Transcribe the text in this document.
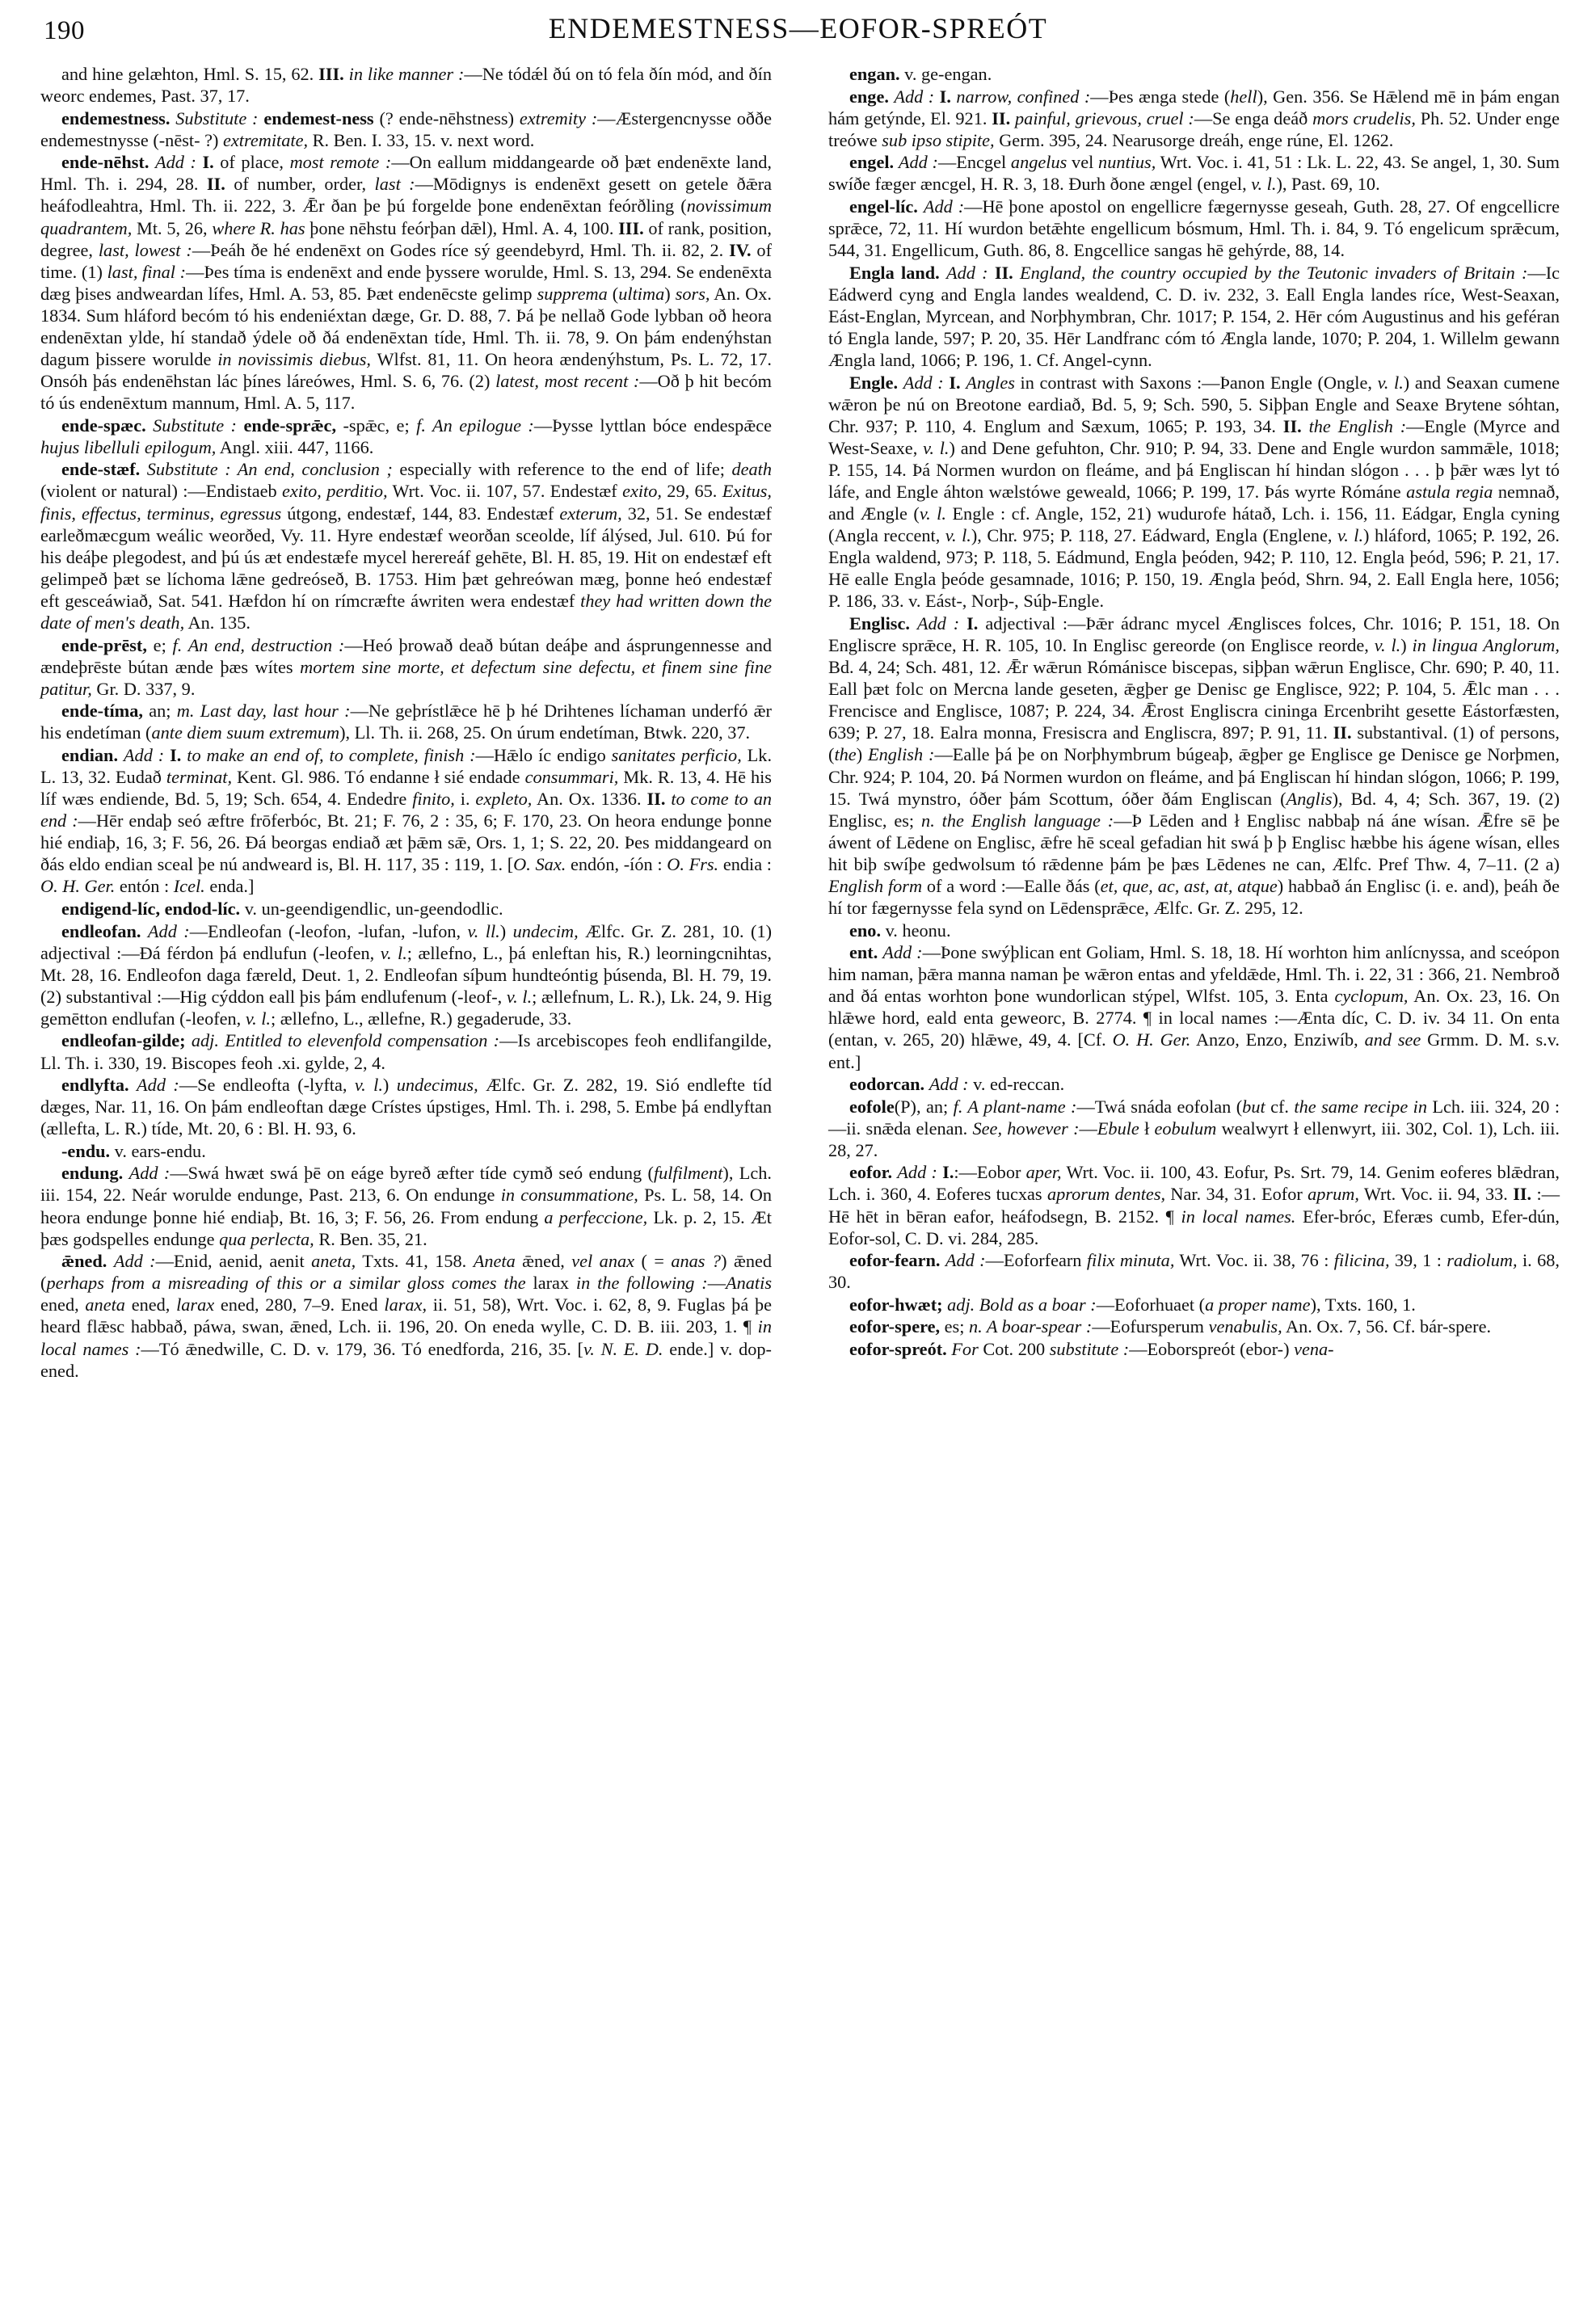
190	ENDEMESTNESS—EOFOR-SPREÓT

and hine gelæhton, Hml. S. 15, 62. III. in like manner :—Ne tódǽl ðú on tó fela ðín mód, and ðín weorc endemes, Past. 37, 17.

endemestness. Substitute : endemest-ness (? ende-nēhstness) extremity :—Æstergencnysse oððe endemestnysse (-nēst- ?) extremitate, R. Ben. I. 33, 15. v. next word.

ende-nēhst. Add : I. of place, most remote :—On eallum middangearde oð þæt endenēxte land, Hml. Th. i. 294, 28. II. of number, order, last :—Mōdignys is endenēxt gesett on getele ðǣra heáfodleahtra, Hml. Th. ii. 222, 3. Ǣr ðan þe þú forgelde þone endenēxtan feórðling (novissimum quadrantem, Mt. 5, 26, where R. has þone nēhstu feórþan dǣl), Hml. A. 4, 100. III. of rank, position, degree, last, lowest :—Þeáh ðe hé endenēxt on Godes ríce sý geendebyrd, Hml. Th. ii. 82, 2. IV. of time. (1) last, final :—Þes tíma is endenēxt and ende þyssere worulde, Hml. S. 13, 294. Se endenēxta dæg þises andweardan lífes, Hml. A. 53, 85. Þæt endenēcste gelimp supprema (ultima) sors, An. Ox. 1834. Sum hláford becóm tó his endeniéxtan dæge, Gr. D. 88, 7. Þá þe nellað Gode lybban oð heora endenēxtan ylde, hí standað ýdele oð ðá endenēxtan tíde, Hml. Th. ii. 78, 9. On þám endenýhstan dagum þissere worulde in novissimis diebus, Wlfst. 81, 11. On heora ændenýhstum, Ps. L. 72, 17. Onsóh þás endenēhstan lác þínes láreówes, Hml. S. 6, 76. (2) latest, most recent :—Oð þ hit becóm tó ús endenēxtum mannum, Hml. A. 5, 117.

ende-spæc. Substitute : ende-sprǣc, -spǣc, e; f. An epilogue :—Þysse lyttlan bóce endespǣce hujus libelluli epilogum, Angl. xiii. 447, 1166.

ende-stæf. Substitute : An end, conclusion ; especially with reference to the end of life; death (violent or natural) :—Endistaeb exito, perditio, Wrt. Voc. ii. 107, 57. Endestæf exito, 29, 65. Exitus, finis, effectus, terminus, egressus útgong, endestæf, 144, 83. Endestæf exterum, 32, 51. Se endestæf earleðmæcgum weálic weorðed, Vy. 11. Hyre endestæf weorðan sceolde, líf álýsed, Jul. 610. Þú for his deáþe plegodest, and þú ús æt endestæfe mycel herereáf gehēte, Bl. H. 85, 19. Hit on endestæf eft gelimpeð þæt se líchoma lǣne gedreóseð, B. 1753. Him þæt gehreówan mæg, þonne heó endestæf eft gesceáwiað, Sat. 541. Hæfdon hí on rímcræfte áwriten wera endestæf they had written down the date of men's death, An. 135.

ende-prēst, e; f. An end, destruction :—Heó þrowað deað bútan deáþe and ásprungennesse and ændeþrēste bútan ænde þæs wítes mortem sine morte, et defectum sine defectu, et finem sine fine patitur, Gr. D. 337, 9.

ende-tíma, an; m. Last day, last hour :—Ne geþrístlǣce hē þ hé Drihtenes líchaman underfó ǣr his endetíman (ante diem suum extremum), Ll. Th. ii. 268, 25. On úrum endetíman, Btwk. 220, 37.

endian. Add : I. to make an end of, to complete, finish :—Hǣlo íc endigo sanitates perficio, Lk. L. 13, 32. Eudað terminat, Kent. Gl. 986. Tó endanne ł sié endade consummari, Mk. R. 13, 4. Hē his líf wæs endiende, Bd. 5, 19; Sch. 654, 4. Endedre finito, i. expleto, An. Ox. 1336. II. to come to an end :—Hēr endaþ seó æftre frōferbóc, Bt. 21; F. 76, 2 : 35, 6; F. 170, 23. On heora endunge þonne hié endiaþ, 16, 3; F. 56, 26. Ðá beorgas endiað æt þǣm sǣ, Ors. 1, 1; S. 22, 20. Þes middangeard on ðás eldo endian sceal þe nú andweard is, Bl. H. 117, 35 : 119, 1. [O. Sax. endón, -íón : O. Frs. endia : O. H. Ger. entón : Icel. enda.]

endigend-líc, endod-líc. v. un-geendigendlic, un-geendodlic.

endleofan. Add :—Endleofan (-leofon, -lufan, -lufon, v. ll.) undecim, Ælfc. Gr. Z. 281, 10. (1) adjectival :—Ðá férdon þá endlufun (-leofen, v. l.; ællefno, L., þá enleftan his, R.) leorningcnihtas, Mt. 28, 16. Endleofon daga færeld, Deut. 1, 2. Endleofan síþum hundteóntig þúsenda, Bl. H. 79, 19. (2) substantival :—Hig cýddon eall þis þám endlufenum (-leof-, v. l.; ællefnum, L. R.), Lk. 24, 9. Hig gemētton endlufan (-leofen, v. l.; ællefno, L., ællefne, R.) gegaderude, 33.

endleofan-gilde; adj. Entitled to elevenfold compensation :—Is arcebiscopes feoh endlifangilde, Ll. Th. i. 330, 19. Biscopes feoh .xi. gylde, 2, 4.

endlyfta. Add :—Se endleofta (-lyfta, v. l.) undecimus, Ælfc. Gr. Z. 282, 19. Sió endlefte tíd dæges, Nar. 11, 16. On þám endleoftan dæge Crístes úpstiges, Hml. Th. i. 298, 5. Embe þá endlyftan (ællefta, L. R.) tíde, Mt. 20, 6 : Bl. H. 93, 6.

-endu. v. ears-endu.

endung. Add :—Swá hwæt swá þē on eáge byreð æfter tíde cymð seó endung (fulfilment), Lch. iii. 154, 22. Neár worulde endunge, Past. 213, 6. On endunge in consummatione, Ps. L. 58, 14. On heora endunge þonne hié endiaþ, Bt. 16, 3; F. 56, 26. From endung a perfeccione, Lk. p. 2, 15. Æt þæs godspelles endunge qua perlecta, R. Ben. 35, 21.

ǣned. Add :—Enid, aenid, aenit aneta, Txts. 41, 158. Aneta ǣned, vel anax ( = anas ?) ǣned (perhaps from a misreading of this or a similar gloss comes the larax in the following :—Anatis ened, aneta ened, larax ened, 280, 7–9. Ened larax, ii. 51, 58), Wrt. Voc. i. 62, 8, 9. Fuglas þá þe heard flǣsc habbað, páwa, swan, ǣned, Lch. ii. 196, 20. On eneda wylle, C. D. B. iii. 203, 1. ¶ in local names :—Tó ǣnedwille, C. D. v. 179, 36. Tó enedforda, 216, 35. [v. N. E. D. ende.] v. dop-ened.

engan. v. ge-engan.

enge. Add : I. narrow, confined :—Þes ænga stede (hell), Gen. 356. Se Hǣlend mē in þám engan hám getýnde, El. 921. II. painful, grievous, cruel :—Se enga deáð mors crudelis, Ph. 52. Under enge treówe sub ipso stipite, Germ. 395, 24. Nearusorge dreáh, enge rúne, El. 1262.

engel. Add :—Encgel angelus vel nuntius, Wrt. Voc. i. 41, 51 : Lk. L. 22, 43. Se angel, 1, 30. Sum swíðe fæger æncgel, H. R. 3, 18. Ðurh ðone ængel (engel, v. l.), Past. 69, 10.

engel-líc. Add :—Hē þone apostol on engellicre fægernysse geseah, Guth. 28, 27. Of engcellicre sprǣce, 72, 11. Hí wurdon betǣhte engellicum bósmum, Hml. Th. i. 84, 9. Tó engelicum sprǣcum, 544, 31. Engellicum, Guth. 86, 8. Engcellice sangas hē gehýrde, 88, 14.

Engla land. Add : II. England, the country occupied by the Teutonic invaders of Britain :—Ic Eádwerd cyng and Engla landes wealdend, C. D. iv. 232, 3. Eall Engla landes ríce, West-Seaxan, Eást-Englan, Myrcean, and Norþhymbran, Chr. 1017; P. 154, 2. Hēr cóm Augustinus and his geféran tó Engla lande, 597; P. 20, 35. Hēr Landfranc cóm tó Ængla lande, 1070; P. 204, 1. Willelm gewann Ængla land, 1066; P. 196, 1. Cf. Angel-cynn.

Engle. Add : I. Angles in contrast with Saxons :—Þanon Engle (Ongle, v. l.) and Seaxan cumene wǣron þe nú on Breotone eardiað, Bd. 5, 9; Sch. 590, 5. Siþþan Engle and Seaxe Brytene sóhtan, Chr. 937; P. 110, 4. Englum and Sæxum, 1065; P. 193, 34. II. the English :—Engle (Myrce and West-Seaxe, v. l.) and Dene gefuhton, Chr. 910; P. 94, 33. Dene and Engle wurdon sammǣle, 1018; P. 155, 14. Þá Normen wurdon on fleáme, and þá Engliscan hí hindan slógon . . . þ þǣr wæs lyt tó láfe, and Engle áhton wælstówe geweald, 1066; P. 199, 17. Þás wyrte Rómáne astula regia nemnað, and Ængle (v. l. Engle : cf. Angle, 152, 21) wudurofe hátað, Lch. i. 156, 11. Eádgar, Engla cyning (Angla reccent, v. l.), Chr. 975; P. 118, 27. Eádward, Engla (Englene, v. l.) hláford, 1065; P. 192, 26. Engla waldend, 973; P. 118, 5. Eádmund, Engla þeóden, 942; P. 110, 12. Engla þeód, 596; P. 21, 17. Hē ealle Engla þeóde gesamnade, 1016; P. 150, 19. Ængla þeód, Shrn. 94, 2. Eall Engla here, 1056; P. 186, 33. v. Eást-, Norþ-, Súþ-Engle.

Englisc. Add : I. adjectival :—Þǣr ádranc mycel Ænglisces folces, Chr. 1016; P. 151, 18. On Engliscre sprǣce, H. R. 105, 10. In Englisc gereorde (on Englisce reorde, v. l.) in lingua Anglorum, Bd. 4, 24; Sch. 481, 12. Ǣr wǣrun Rómánisce biscepas, siþþan wǣrun Englisce, Chr. 690; P. 40, 11. Eall þæt folc on Mercna lande geseten, ǣgþer ge Denisc ge Englisce, 922; P. 104, 5. Ǣlc man . . . Frencisce and Englisce, 1087; P. 224, 34. Ǣrost Engliscra cininga Ercenbriht gesette Eástorfæsten, 639; P. 27, 18. Ealra monna, Fresiscra and Engliscra, 897; P. 91, 11. II. substantival. (1) of persons, (the) English :—Ealle þá þe on Norþhymbrum búgeaþ, ǣgþer ge Englisce ge Denisce ge Norþmen, Chr. 924; P. 104, 20. Þá Normen wurdon on fleáme, and þá Engliscan hí hindan slógon, 1066; P. 199, 15. Twá mynstro, óðer þám Scottum, óðer ðám Engliscan (Anglis), Bd. 4, 4; Sch. 367, 19. (2) Englisc, es; n. the English language :—Þ Lēden and ł Englisc nabbaþ ná áne wísan. Ǣfre sē þe áwent of Lēdene on Englisc, ǣfre hē sceal gefadian hit swá þ þ Englisc hæbbe his ágene wísan, elles hit biþ swíþe gedwolsum tó rǣdenne þám þe þæs Lēdenes ne can, Ælfc. Pref Thw. 4, 7–11. (2 a) English form of a word :—Ealle ðás (et, que, ac, ast, at, atque) habbað án Englisc (i. e. and), þeáh ðe hí tor fægernysse fela synd on Lēdensprǣce, Ælfc. Gr. Z. 295, 12.

eno. v. heonu.

ent. Add :—Þone swýþlican ent Goliam, Hml. S. 18, 18. Hí worhton him anlícnyssa, and sceópon him naman, þǣra manna naman þe wǣron entas and yfeldǣde, Hml. Th. i. 22, 31 : 366, 21. Nembroð and ðá entas worhton þone wundorlican stýpel, Wlfst. 105, 3. Enta cyclopum, An. Ox. 23, 16. On hlǣwe hord, eald enta geweorc, B. 2774. ¶ in local names :—Ænta díc, C. D. iv. 34 11. On enta (entan, v. 265, 20) hlǣwe, 49, 4. [Cf. O. H. Ger. Anzo, Enzo, Enziwíb, and see Grmm. D. M. s.v. ent.]

eodorcan. Add : v. ed-reccan.

eofole(P), an; f. A plant-name :—Twá snáda eofolan (but cf. the same recipe in Lch. iii. 324, 20 :—ii. snǣda elenan. See, however :—Ebule ł eobulum wealwyrt ł ellenwyrt, iii. 302, Col. 1), Lch. iii. 28, 27.

eofor. Add : I.:—Eobor aper, Wrt. Voc. ii. 100, 43. Eofur, Ps. Srt. 79, 14. Genim eoferes blǣdran, Lch. i. 360, 4. Eoferes tucxas aprorum dentes, Nar. 34, 31. Eofor aprum, Wrt. Voc. ii. 94, 33. II. :—Hē hēt in bēran eafor, heáfodsegn, B. 2152. ¶ in local names. Efer-bróc, Eferæs cumb, Efer-dún, Eofor-sol, C. D. vi. 284, 285.

eofor-fearn. Add :—Eoforfearn filix minuta, Wrt. Voc. ii. 38, 76 : filicina, 39, 1 : radiolum, i. 68, 30.

eofor-hwæt; adj. Bold as a boar :—Eoforhuaet (a proper name), Txts. 160, 1.

eofor-spere, es; n. A boar-spear :—Eofursperum venabulis, An. Ox. 7, 56. Cf. bár-spere.

eofor-spreót. For Cot. 200 substitute :—Eoborspreót (ebor-) vena-
